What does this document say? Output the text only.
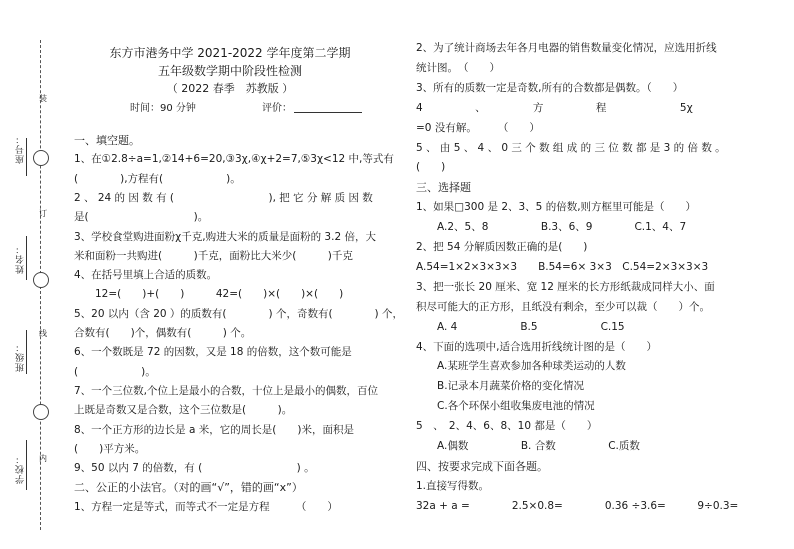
座号：
姓名：
班级：
学校：
装
订
线
内
东方市港务中学 2021-2022 学年度第二学期
五年级数学期中阶段性检测
（ 2022 春季　苏教版 ）
时间：90 分钟	评价：
一、填空题。
1、在①2.8÷a=1,②14+6=20,③3χ,④χ+2=7,⑤3χ<12 中,等式有
(　　　　),方程有(　　　　　　)。
2 、 24 的 因 数 有 (　　　　　　　　　), 把 它 分 解 质 因 数
是(　　　　　　　　　　)。
3、学校食堂购进面粉χ千克,购进大米的质量是面粉的 3.2 倍，大
米和面粉一共购进(　　　)千克，面粉比大米少(　　　)千克
4、在括号里填上合适的质数。
　　12=(　　)+(　　)　　　42=(　　)×(　　)×(　　)
5、20 以内（含 20 ）的质数有(　　　　) 个，奇数有(　　　　) 个，
合数有(　　)个，偶数有(　　　) 个。
6、一个数既是 72 的因数，又是 18 的倍数，这个数可能是
(　　　　　　)。
7、一个三位数,个位上是最小的合数，十位上是最小的偶数，百位
上既是奇数又是合数，这个三位数是(　　　)。
8、一个正方形的边长是 a 米，它的周长是(　　)米，面积是
(　　)平方米。
9、50 以内 7 的倍数，有 (　　　　　　　　　) 。
二、公正的小法官。（对的画“√”，错的画“x”）
1、方程一定是等式，而等式不一定是方程　　　（　　）
2、为了统计商场去年各月电器的销售数量变化情况，应选用折线
统计图。　（　　）
3、所有的质数一定是奇数,所有的合数都是偶数。（　　）
4　　　　　、　　　　　方　　　　　程　　　　　　　5χ
=0 没有解。　　　（　　）
5 、 由 5 、 4 、 0 三 个 数 组 成 的 三 位 数 都 是 3 的 倍 数 。
(　　)
三、选择题
1、如果□300 是 2、3、5 的倍数,则方框里可能是（　　）
　　A.2、5、8　　　　　B.3、6、9　　　　C.1、4、7
2、把 54 分解质因数正确的是(　　)
A.54=1×2×3×3×3　　B.54=6× 3×3　C.54=2×3×3×3
3、把一张长 20 厘米、宽 12 厘米的长方形纸裁成同样大小、面
积尽可能大的正方形，且纸没有剩余，至少可以裁（　　）个。
　　A. 4　　　　　　B.5　　　　　　C.15
4、下面的选项中,适合选用折线统计图的是（　　）
　　A.某班学生喜欢参加各种球类运动的人数
　　B.记录本月蔬菜价格的变化情况
　　C.各个环保小组收集废电池的情况
5　、　2、4、6、8、10 都是（　　）
　　A.偶数　　　　　B. 合数　　　　　C.质数
四、按要求完成下面各题。
1.直接写得数。
32a + a =　　　　2.5×0.8=　　　　0.36 ÷3.6=　　　9÷0.3=
